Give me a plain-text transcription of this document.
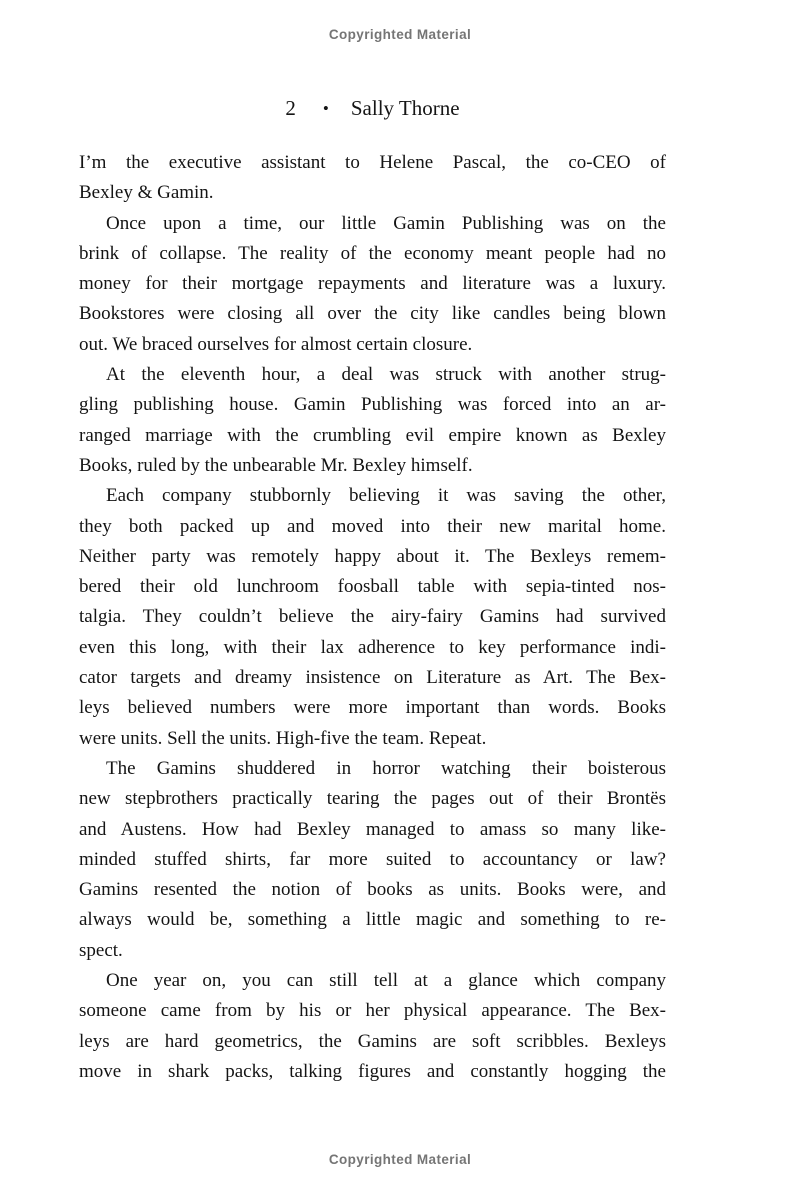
Copyrighted Material
2 • Sally Thorne
I’m the executive assistant to Helene Pascal, the co-CEO of
Bexley & Gamin.
Once upon a time, our little Gamin Publishing was on the
brink of collapse. The reality of the economy meant people had no
money for their mortgage repayments and literature was a luxury.
Bookstores were closing all over the city like candles being blown
out. We braced ourselves for almost certain closure.
At the eleventh hour, a deal was struck with another strug-
gling publishing house. Gamin Publishing was forced into an ar-
ranged marriage with the crumbling evil empire known as Bexley
Books, ruled by the unbearable Mr. Bexley himself.
Each company stubbornly believing it was saving the other,
they both packed up and moved into their new marital home.
Neither party was remotely happy about it. The Bexleys remem-
bered their old lunchroom foosball table with sepia-tinted nos-
talgia. They couldn’t believe the airy-fairy Gamins had survived
even this long, with their lax adherence to key performance indi-
cator targets and dreamy insistence on Literature as Art. The Bex-
leys believed numbers were more important than words. Books
were units. Sell the units. High-five the team. Repeat.
The Gamins shuddered in horror watching their boisterous
new stepbrothers practically tearing the pages out of their Brontës
and Austens. How had Bexley managed to amass so many like-
minded stuffed shirts, far more suited to accountancy or law?
Gamins resented the notion of books as units. Books were, and
always would be, something a little magic and something to re-
spect.
One year on, you can still tell at a glance which company
someone came from by his or her physical appearance. The Bex-
leys are hard geometrics, the Gamins are soft scribbles. Bexleys
move in shark packs, talking figures and constantly hogging the
Copyrighted Material
